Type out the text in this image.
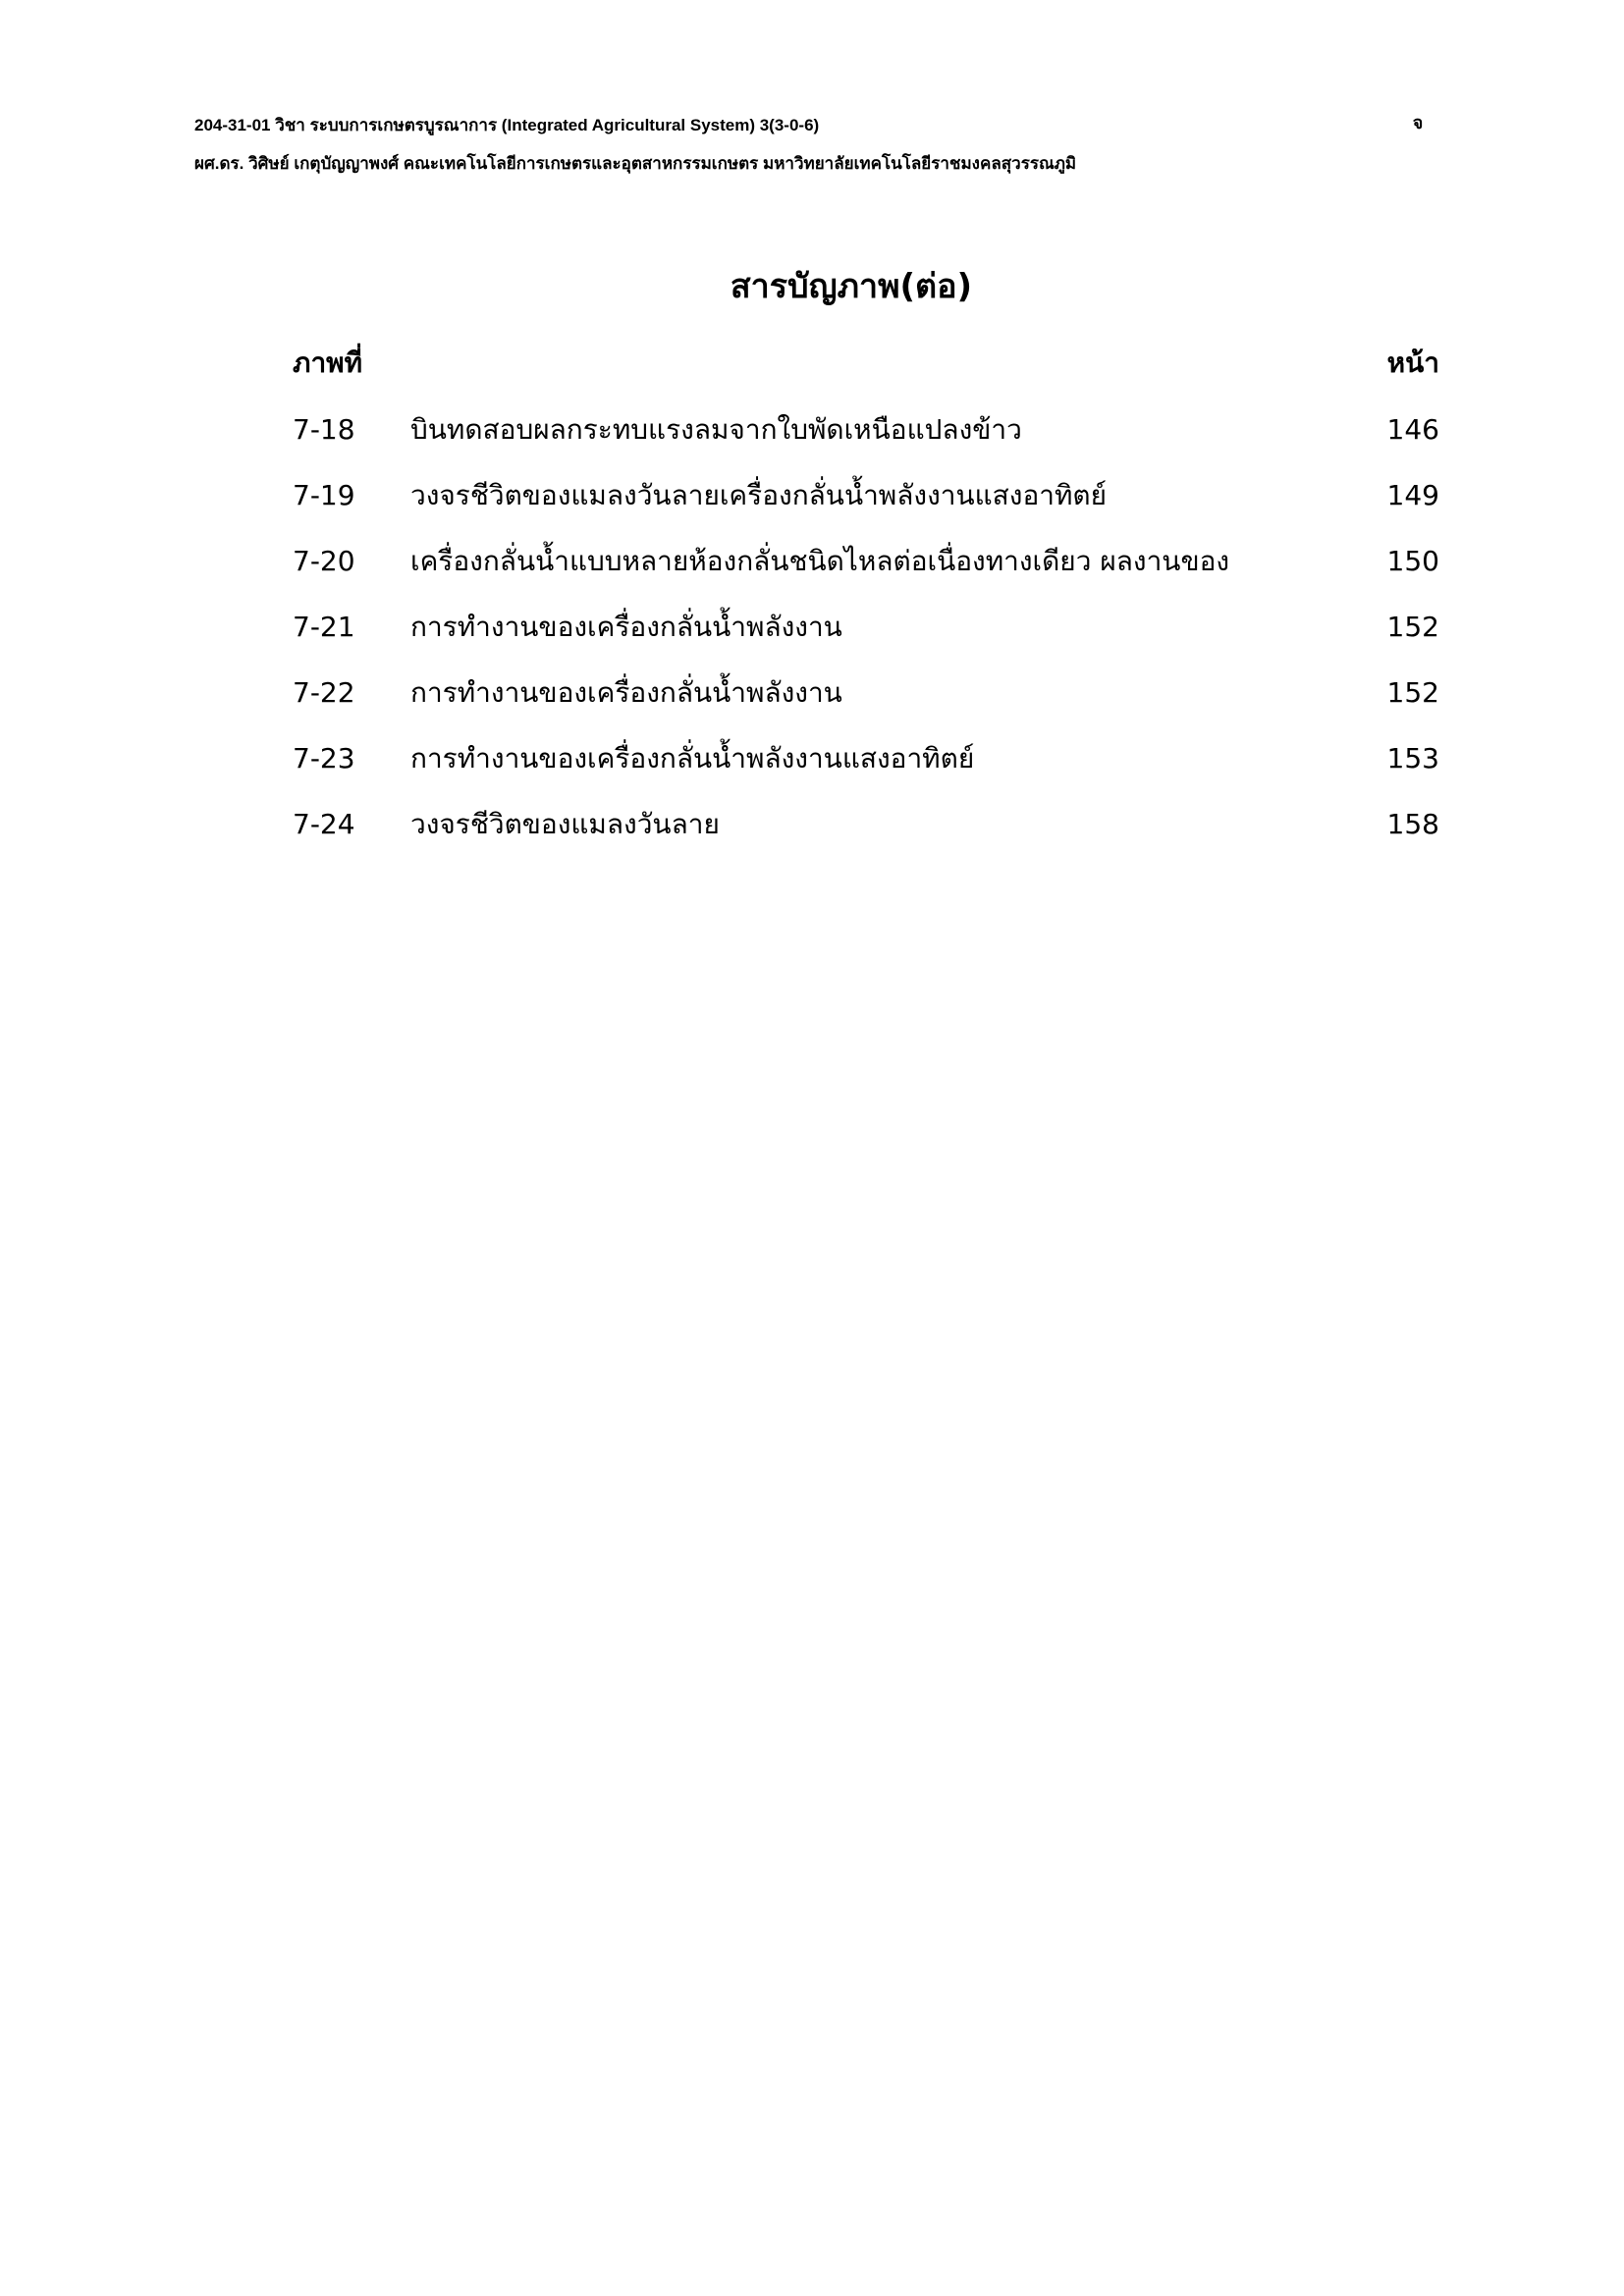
204-31-01 วิชา ระบบการเกษตรบูรณาการ (Integrated Agricultural System) 3(3-0-6)	จ
ผศ.ดร. วิศิษย์ เกตุบัญญาพงศ์ คณะเทคโนโลยีการเกษตรและอุตสาหกรรมเกษตร มหาวิทยาลัยเทคโนโลยีราชมงคลสุวรรณภูมิ
สารบัญภาพ(ต่อ)
ภาพที่	หน้า
7-18 บินทดสอบผลกระทบแรงลมจากใบพัดเหนือแปลงข้าว	146
7-19 วงจรชีวิตของแมลงวันลายเครื่องกลั่นน้ำพลังงานแสงอาทิตย์	149
7-20 เครื่องกลั่นน้ำแบบหลายห้องกลั่นชนิดไหลต่อเนื่องทางเดียว ผลงานของ	150
7-21 การทำงานของเครื่องกลั่นน้ำพลังงาน	152
7-22 การทำงานของเครื่องกลั่นน้ำพลังงาน	152
7-23 การทำงานของเครื่องกลั่นน้ำพลังงานแสงอาทิตย์	153
7-24 วงจรชีวิตของแมลงวันลาย	158
